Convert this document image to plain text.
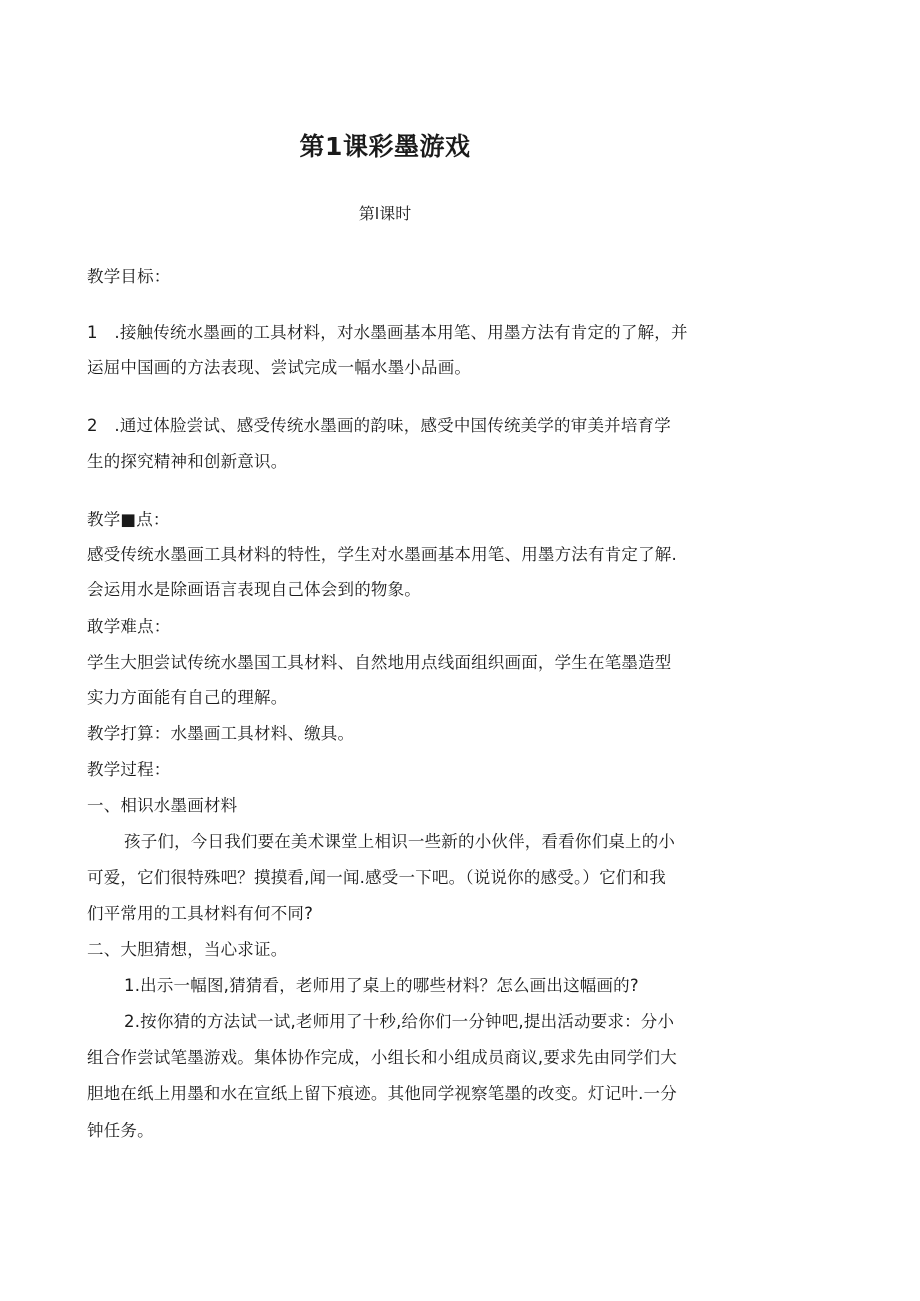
第1课彩墨游戏
第l课时
教学目标：
1　.接触传统水墨画的工具材料，对水墨画基本用笔、用墨方法有肯定的了解，并
运屈中国画的方法表现、尝试完成一幅水墨小品画。
2　.通过体脸尝试、感受传统水墨画的韵味，感受中国传统美学的审美并培育学
生的探究精神和创新意识。
教学■点：
感受传统水墨画工具材料的特性，学生对水墨画基本用笔、用墨方法有肯定了解.
会运用水是除画语言表现自己体会到的物象。
敢学难点：
学生大胆尝试传统水墨国工具材料、自然地用点线面组织画面，学生在笔墨造型
实力方面能有自己的理解。
教学打算：水墨画工具材料、缴具。
教学过程：
一、相识水墨画材料
孩子们，今日我们要在美术课堂上相识一些新的小伙伴，看看你们桌上的小
可爱，它们很特殊吧？摸摸看,闻一闻.感受一下吧。（说说你的感受。）它们和我
们平常用的工具材料有何不同?
二、大胆猜想，当心求证。
1.出示一幅图,猜猜看，老师用了桌上的哪些材料？怎么画出这幅画的?
2.按你猜的方法试一试,老师用了十秒,给你们一分钟吧,提出活动要求：分小
组合作尝试笔墨游戏。集体协作完成，小组长和小组成员商议,要求先由同学们大
胆地在纸上用墨和水在宣纸上留下痕迹。其他同学视察笔墨的改变。灯记叶.一分
钟任务。
